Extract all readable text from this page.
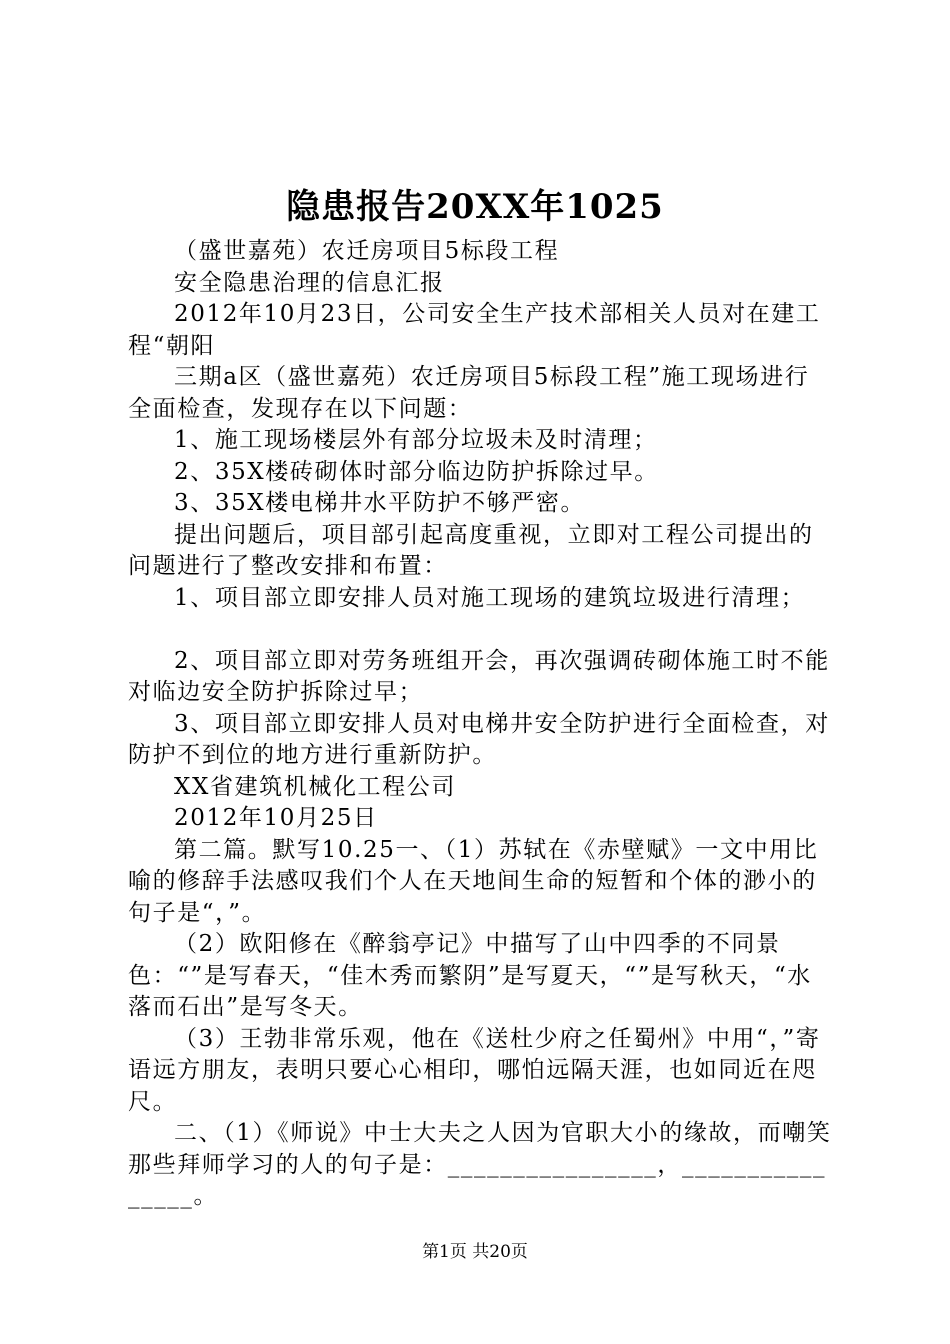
隐患报告20XX年1025

（盛世嘉苑）农迁房项目5标段工程

安全隐患治理的信息汇报

2012年10月23日，公司安全生产技术部相关人员对在建工程“朝阳

三期a区（盛世嘉苑）农迁房项目5标段工程”施工现场进行全面检查，发现存在以下问题：

1、施工现场楼层外有部分垃圾未及时清理；

2、35X楼砖砌体时部分临边防护拆除过早。

3、35X楼电梯井水平防护不够严密。

提出问题后，项目部引起高度重视，立即对工程公司提出的问题进行了整改安排和布置：

1、项目部立即安排人员对施工现场的建筑垃圾进行清理；

2、项目部立即对劳务班组开会，再次强调砖砌体施工时不能对临边安全防护拆除过早；

3、项目部立即安排人员对电梯井安全防护进行全面检查，对防护不到位的地方进行重新防护。

XX省建筑机械化工程公司

2012年10月25日

第二篇。默写10.25一、（1）苏轼在《赤壁赋》一文中用比喻的修辞手法感叹我们个人在天地间生命的短暂和个体的渺小的句子是“，”。

（2）欧阳修在《醉翁亭记》中描写了山中四季的不同景色：“”是写春天，“佳木秀而繁阴”是写夏天，“”是写秋天，“水落而石出”是写冬天。

（3）王勃非常乐观，他在《送杜少府之任蜀州》中用“，”寄语远方朋友，表明只要心心相印，哪怕远隔天涯，也如同近在咫尺。

二、（1）《师说》中士大夫之人因为官职大小的缘故，而嘲笑那些拜师学习的人的句子是：________________，________________。

第1页 共20页
